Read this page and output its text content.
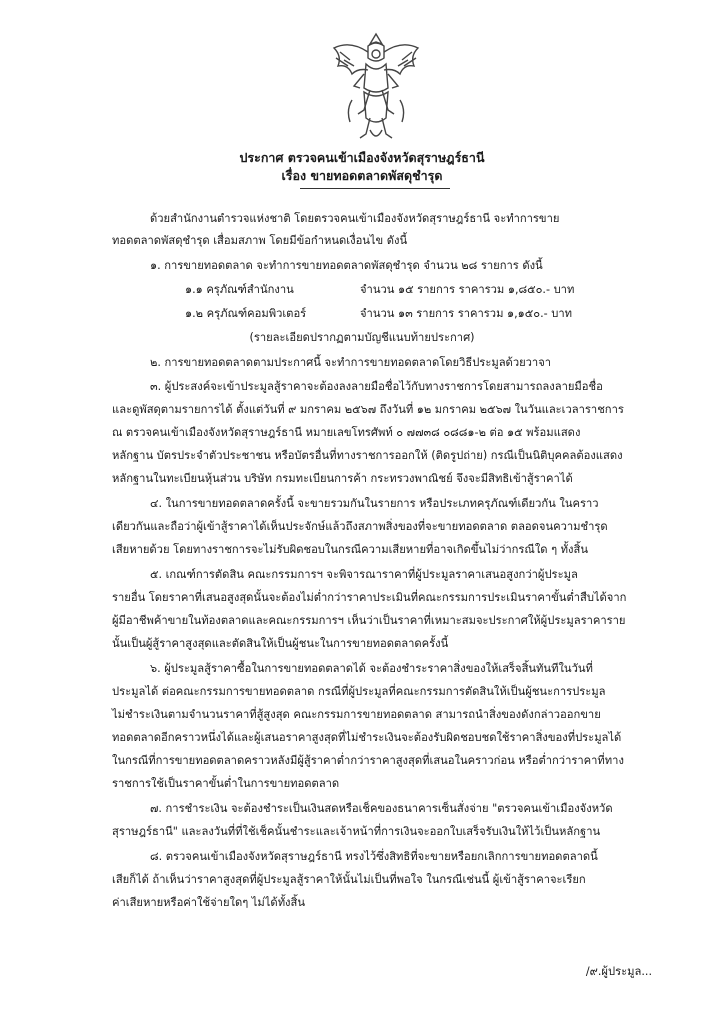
ประกาศ ตรวจคนเข้าเมืองจังหวัดสุราษฎร์ธานี
เรื่อง ขายทอดตลาดพัสดุชำรุด
ด้วยสำนักงานตำรวจแห่งชาติ โดยตรวจคนเข้าเมืองจังหวัดสุราษฎร์ธานี จะทำการขาย
ทอดตลาดพัสดุชำรุด เสื่อมสภาพ โดยมีข้อกำหนดเงื่อนไข ดังนี้
๑. การขายทอดตลาด จะทำการขายทอดตลาดพัสดุชำรุด จำนวน ๒๘ รายการ ดังนี้
๑.๑ ครุภัณฑ์สำนักงาน	จำนวน ๑๕ รายการ ราคารวม ๑,๘๕๐.- บาท
๑.๒ ครุภัณฑ์คอมพิวเตอร์	จำนวน ๑๓ รายการ ราคารวม ๑,๑๕๐.- บาท
(รายละเอียดปรากฏตามบัญชีแนบท้ายประกาศ)
๒. การขายทอดตลาดตามประกาศนี้ จะทำการขายทอดตลาดโดยวิธีประมูลด้วยวาจา
๓. ผู้ประสงค์จะเข้าประมูลสู้ราคาจะต้องลงลายมือชื่อไว้กับทางราชการโดยสามารถลงลายมือชื่อ
และดูพัสดุตามรายการได้ ตั้งแต่วันที่ ๙ มกราคม ๒๕๖๗ ถึงวันที่ ๑๒ มกราคม ๒๕๖๗ ในวันและเวลาราชการ
ณ ตรวจคนเข้าเมืองจังหวัดสุราษฎร์ธานี หมายเลขโทรศัพท์ ๐ ๗๗๓๘ ๐๘๘๑-๒ ต่อ ๑๕ พร้อมแสดง
หลักฐาน บัตรประจำตัวประชาชน หรือบัตรอื่นที่ทางราชการออกให้ (ติดรูปถ่าย) กรณีเป็นนิติบุคคลต้องแสดง
หลักฐานในทะเบียนหุ้นส่วน บริษัท กรมทะเบียนการค้า กระทรวงพาณิชย์ จึงจะมีสิทธิเข้าสู้ราคาได้
๔. ในการขายทอดตลาดครั้งนี้ จะขายรวมกันในรายการ หรือประเภทครุภัณฑ์เดียวกัน ในคราว
เดียวกันและถือว่าผู้เข้าสู้ราคาได้เห็นประจักษ์แล้วถึงสภาพสิ่งของที่จะขายทอดตลาด ตลอดจนความชำรุด
เสียหายด้วย โดยทางราชการจะไม่รับผิดชอบในกรณีความเสียหายที่อาจเกิดขึ้นไม่ว่ากรณีใด ๆ ทั้งสิ้น
๕. เกณฑ์การตัดสิน คณะกรรมการฯ จะพิจารณาราคาที่ผู้ประมูลราคาเสนอสูงกว่าผู้ประมูล
รายอื่น โดยราคาที่เสนอสูงสุดนั้นจะต้องไม่ต่ำกว่าราคาประเมินที่คณะกรรมการประเมินราคาขั้นต่ำสืบได้จาก
ผู้มีอาชีพค้าขายในท้องตลาดและคณะกรรมการฯ เห็นว่าเป็นราคาที่เหมาะสมจะประกาศให้ผู้ประมูลราคาราย
นั้นเป็นผู้สู้ราคาสูงสุดและตัดสินให้เป็นผู้ชนะในการขายทอดตลาดครั้งนี้
๖. ผู้ประมูลสู้ราคาซื้อในการขายทอดตลาดได้ จะต้องชำระราคาสิ่งของให้เสร็จสิ้นทันทีในวันที่
ประมูลได้ ต่อคณะกรรมการขายทอดตลาด กรณีที่ผู้ประมูลที่คณะกรรมการตัดสินให้เป็นผู้ชนะการประมูล
ไม่ชำระเงินตามจำนวนราคาที่สู้สูงสุด คณะกรรมการขายทอดตลาด สามารถนำสิ่งของดังกล่าวออกขาย
ทอดตลาดอีกคราวหนึ่งได้และผู้เสนอราคาสูงสุดที่ไม่ชำระเงินจะต้องรับผิดชอบชดใช้ราคาสิ่งของที่ประมูลได้
ในกรณีที่การขายทอดตลาดคราวหลังมีผู้สู้ราคาต่ำกว่าราคาสูงสุดที่เสนอในคราวก่อน หรือต่ำกว่าราคาที่ทาง
ราชการใช้เป็นราคาขั้นต่ำในการขายทอดตลาด
๗. การชำระเงิน จะต้องชำระเป็นเงินสดหรือเช็คของธนาคารเซ็นสั่งจ่าย "ตรวจคนเข้าเมืองจังหวัด
สุราษฎร์ธานี" และลงวันที่ที่ใช้เช็คนั้นชำระและเจ้าหน้าที่การเงินจะออกใบเสร็จรับเงินให้ไว้เป็นหลักฐาน
๘. ตรวจคนเข้าเมืองจังหวัดสุราษฎร์ธานี ทรงไว้ซึ่งสิทธิที่จะขายหรือยกเลิกการขายทอดตลาดนี้
เสียก็ได้ ถ้าเห็นว่าราคาสูงสุดที่ผู้ประมูลสู้ราคาให้นั้นไม่เป็นที่พอใจ ในกรณีเช่นนี้ ผู้เข้าสู้ราคาจะเรียก
ค่าเสียหายหรือค่าใช้จ่ายใดๆ ไม่ได้ทั้งสิ้น
/๙.ผู้ประมูล...
